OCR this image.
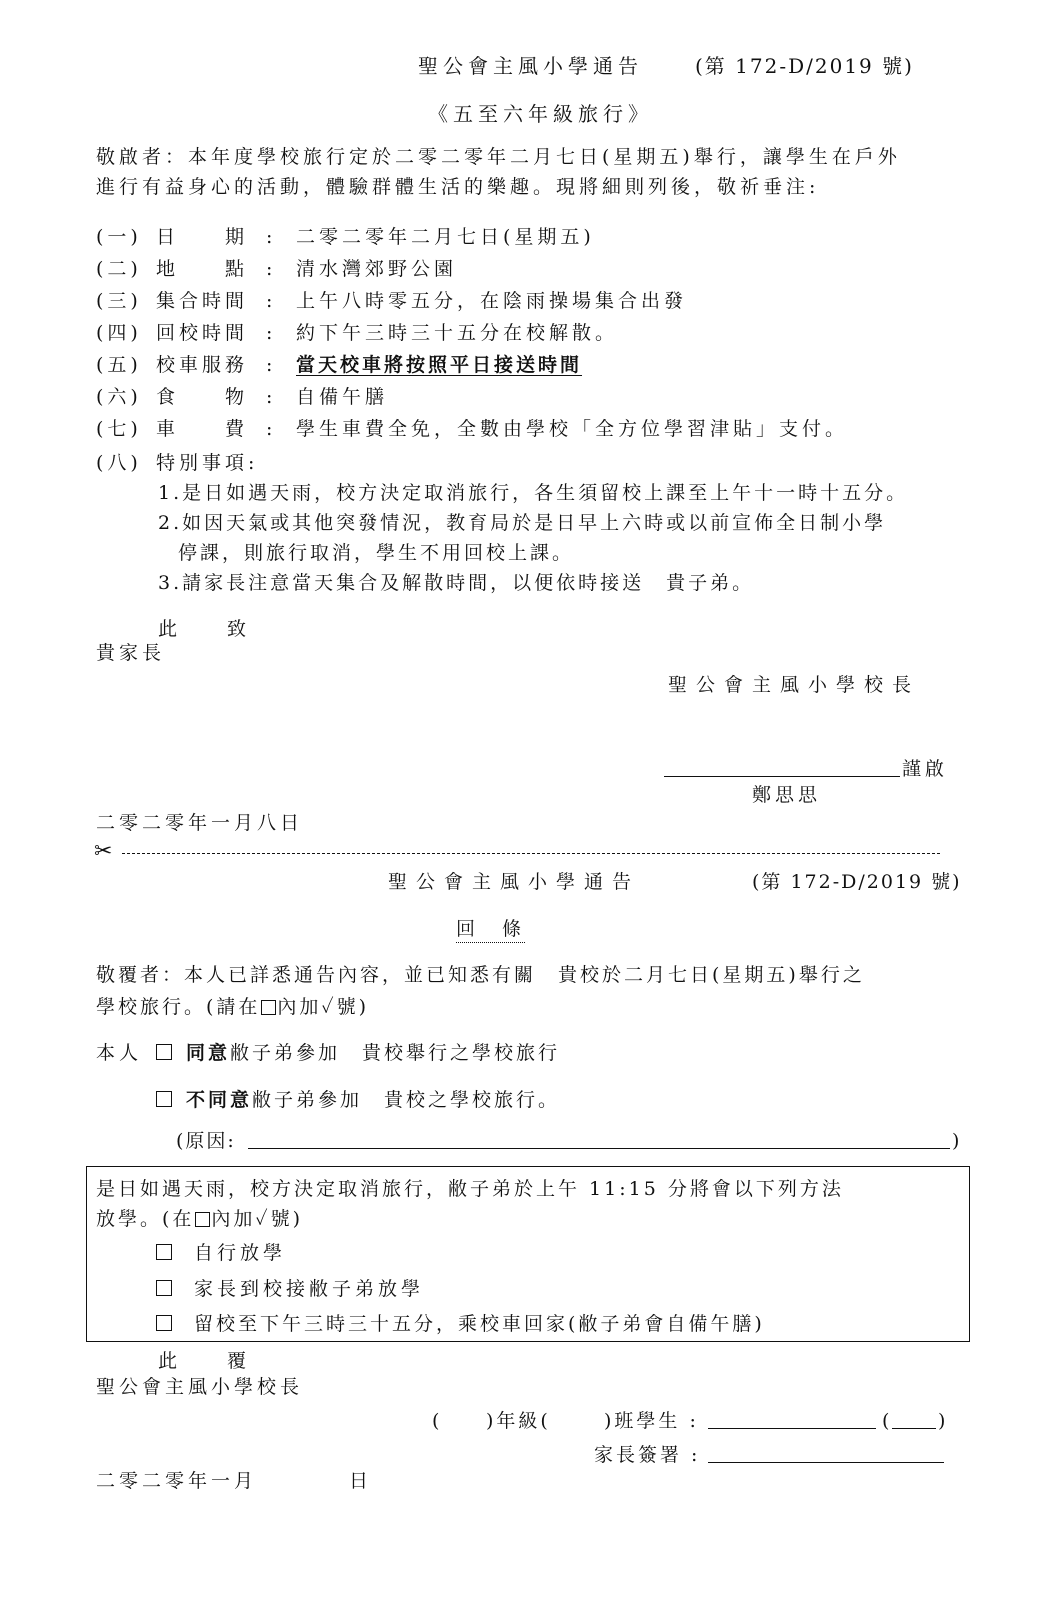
聖公會主風小學通告	(第 172-D/2019 號)
《五至六年級旅行》
敬啟者：本年度學校旅行定於二零二零年二月七日(星期五)舉行，讓學生在戶外
進行有益身心的活動，體驗群體生活的樂趣。現將細則列後，敬祈垂注:
(一) 日　　期 : 二零二零年二月七日(星期五)
(二) 地　　點 : 清水灣郊野公園
(三) 集合時間 : 上午八時零五分，在陰雨操場集合出發
(四) 回校時間 : 約下午三時三十五分在校解散。
(五) 校車服務 : 當天校車將按照平日接送時間
(六) 食　　物 : 自備午膳
(七) 車　　費 : 學生車費全免，全數由學校「全方位學習津貼」支付。
(八) 特別事項:
1.是日如遇天雨，校方決定取消旅行，各生須留校上課至上午十一時十五分。
2.如因天氣或其他突發情況，教育局於是日早上六時或以前宣佈全日制小學
停課，則旅行取消，學生不用回校上課。
3.請家長注意當天集合及解散時間，以便依時接送　貴子弟。
此　　致
貴家長
聖公會主風小學校長
謹啟
鄭思思
二零二零年一月八日
✂
聖公會主風小學通告	(第 172-D/2019 號)
回　條
敬覆者：本人已詳悉通告內容，並已知悉有關　貴校於二月七日(星期五)舉行之
學校旅行。(請在 內加✓號)
本人 同意敝子弟參加　貴校舉行之學校旅行
不同意敝子弟參加　貴校之學校旅行。
(原因:	)
是日如遇天雨，校方決定取消旅行，敝子弟於上午 11:15 分將會以下列方法
放學。(在 內加✓號)
自行放學
家長到校接敝子弟放學
留校至下午三時三十五分，乘校車回家(敝子弟會自備午膳)
此　　覆
聖公會主風小學校長
( )年級(	)班學生 :	( )
家長簽署 :
二零二零年一月　　　　日
